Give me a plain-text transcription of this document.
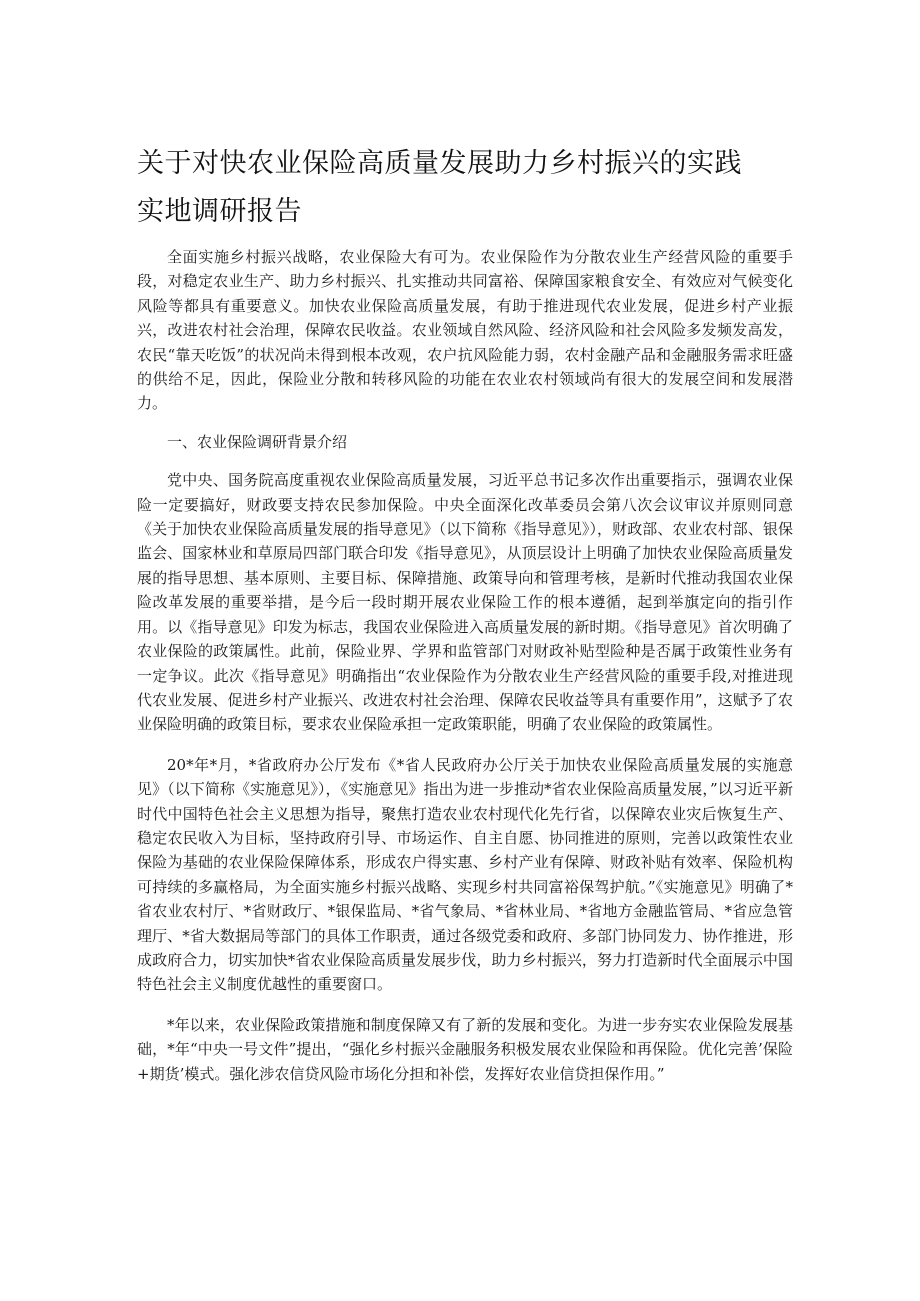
关于对快农业保险高质量发展助力乡村振兴的实践
实地调研报告

全面实施乡村振兴战略，农业保险大有可为。农业保险作为分散农业生产经营风险的重要手段，对稳定农业生产、助力乡村振兴、扎实推动共同富裕、保障国家粮食安全、有效应对气候变化风险等都具有重要意义。加快农业保险高质量发展，有助于推进现代农业发展，促进乡村产业振兴，改进农村社会治理，保障农民收益。农业领域自然风险、经济风险和社会风险多发频发高发，农民“靠天吃饭”的状况尚未得到根本改观，农户抗风险能力弱，农村金融产品和金融服务需求旺盛的供给不足，因此，保险业分散和转移风险的功能在农业农村领域尚有很大的发展空间和发展潜力。

一、农业保险调研背景介绍

党中央、国务院高度重视农业保险高质量发展，习近平总书记多次作出重要指示，强调农业保险一定要搞好，财政要支持农民参加保险。中央全面深化改革委员会第八次会议审议并原则同意《关于加快农业保险高质量发展的指导意见》（以下简称《指导意见》），财政部、农业农村部、银保监会、国家林业和草原局四部门联合印发《指导意见》，从顶层设计上明确了加快农业保险高质量发展的指导思想、基本原则、主要目标、保障措施、政策导向和管理考核，是新时代推动我国农业保险改革发展的重要举措，是今后一段时期开展农业保险工作的根本遵循，起到举旗定向的指引作用。以《指导意见》印发为标志，我国农业保险进入高质量发展的新时期。《指导意见》首次明确了农业保险的政策属性。此前，保险业界、学界和监管部门对财政补贴型险种是否属于政策性业务有一定争议。此次《指导意见》明确指出“农业保险作为分散农业生产经营风险的重要手段,对推进现代农业发展、促进乡村产业振兴、改进农村社会治理、保障农民收益等具有重要作用”，这赋予了农业保险明确的政策目标，要求农业保险承担一定政策职能，明确了农业保险的政策属性。

20*年*月，*省政府办公厅发布《*省人民政府办公厅关于加快农业保险高质量发展的实施意见》（以下简称《实施意见》），《实施意见》指出为进一步推动*省农业保险高质量发展，”以习近平新时代中国特色社会主义思想为指导，聚焦打造农业农村现代化先行省，以保障农业灾后恢复生产、稳定农民收入为目标，坚持政府引导、市场运作、自主自愿、协同推进的原则，完善以政策性农业保险为基础的农业保险保障体系，形成农户得实惠、乡村产业有保障、财政补贴有效率、保险机构可持续的多赢格局，为全面实施乡村振兴战略、实现乡村共同富裕保驾护航。”《实施意见》明确了*省农业农村厅、*省财政厅、*银保监局、*省气象局、*省林业局、*省地方金融监管局、*省应急管理厅、*省大数据局等部门的具体工作职责，通过各级党委和政府、多部门协同发力、协作推进，形成政府合力，切实加快*省农业保险高质量发展步伐，助力乡村振兴，努力打造新时代全面展示中国特色社会主义制度优越性的重要窗口。

*年以来，农业保险政策措施和制度保障又有了新的发展和变化。为进一步夯实农业保险发展基础，*年“中央一号文件”提出，“强化乡村振兴金融服务积极发展农业保险和再保险。优化完善’保险+期货’模式。强化涉农信贷风险市场化分担和补偿，发挥好农业信贷担保作用。”
